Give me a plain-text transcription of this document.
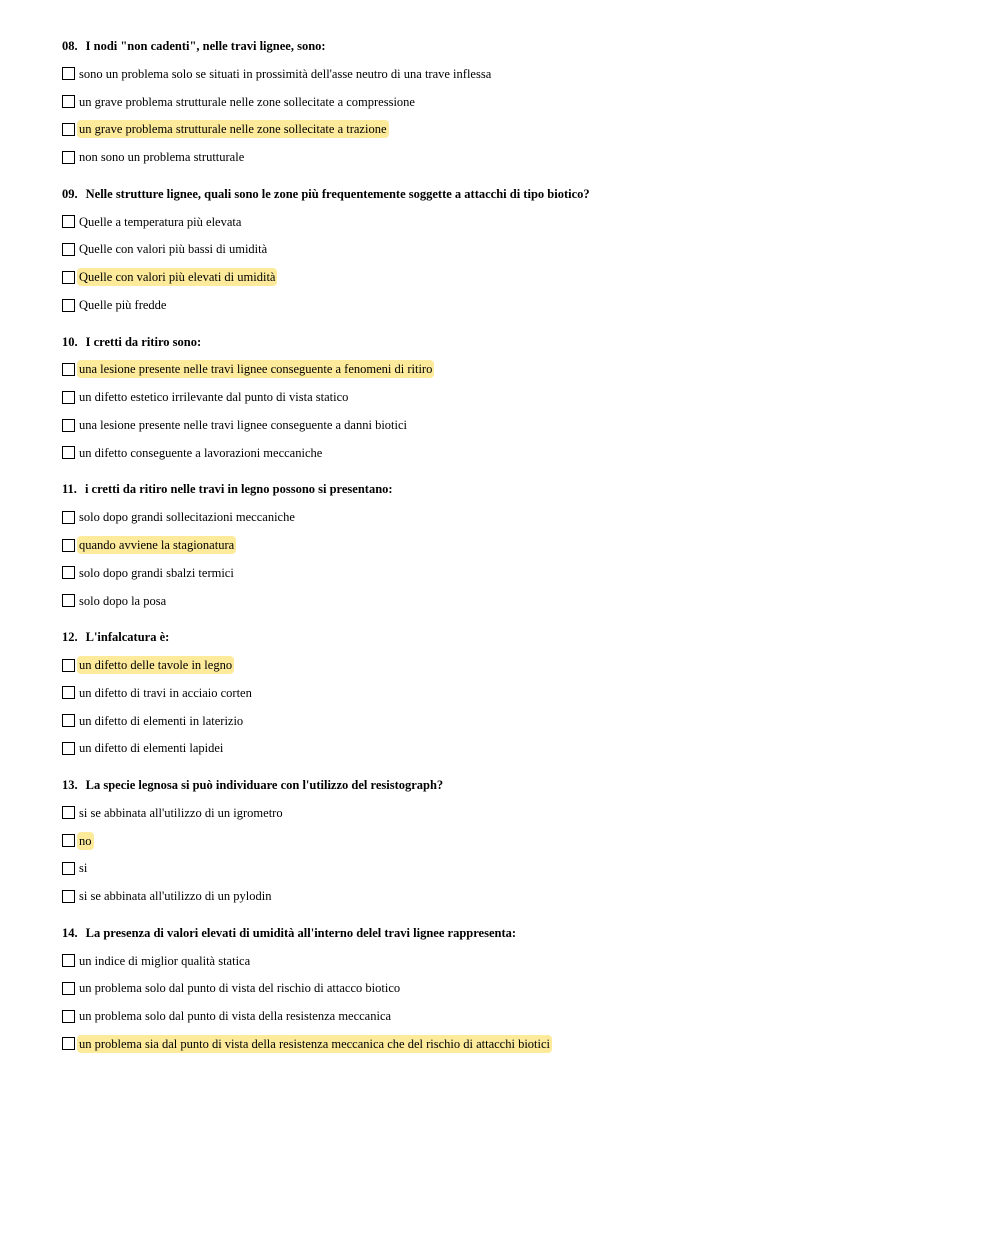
08. I nodi "non cadenti", nelle travi lignee, sono:
sono un problema solo se situati in prossimità dell'asse neutro di una trave inflessa
un grave problema strutturale nelle zone sollecitate a compressione
un grave problema strutturale nelle zone sollecitate a trazione
non sono un problema strutturale
09. Nelle strutture lignee, quali sono le zone più frequentemente soggette a attacchi di tipo biotico?
Quelle a temperatura più elevata
Quelle con valori più bassi di umidità
Quelle con valori più elevati di umidità
Quelle più fredde
10. I cretti da ritiro sono:
una lesione presente nelle travi lignee conseguente a fenomeni di ritiro
un difetto estetico irrilevante dal punto di vista statico
una lesione presente nelle travi lignee conseguente a danni biotici
un difetto conseguente a lavorazioni meccaniche
11. i cretti da ritiro nelle travi in legno possono si presentano:
solo dopo grandi sollecitazioni meccaniche
quando avviene la stagionatura
solo dopo grandi sbalzi termici
solo dopo la posa
12. L'infalcatura è:
un difetto delle tavole in legno
un difetto di travi in acciaio corten
un difetto di elementi in laterizio
un difetto di elementi lapidei
13. La specie legnosa si può individuare con l'utilizzo del resistograph?
si se abbinata all'utilizzo di un igrometro
no
si
si se abbinata all'utilizzo di un pylodin
14. La presenza di valori elevati di umidità all'interno delel travi lignee rappresenta:
un indice di miglior qualità statica
un problema solo dal punto di vista del rischio di attacco biotico
un problema solo dal punto di vista della resistenza meccanica
un problema sia dal punto di vista della resistenza meccanica che del rischio di attacchi biotici
